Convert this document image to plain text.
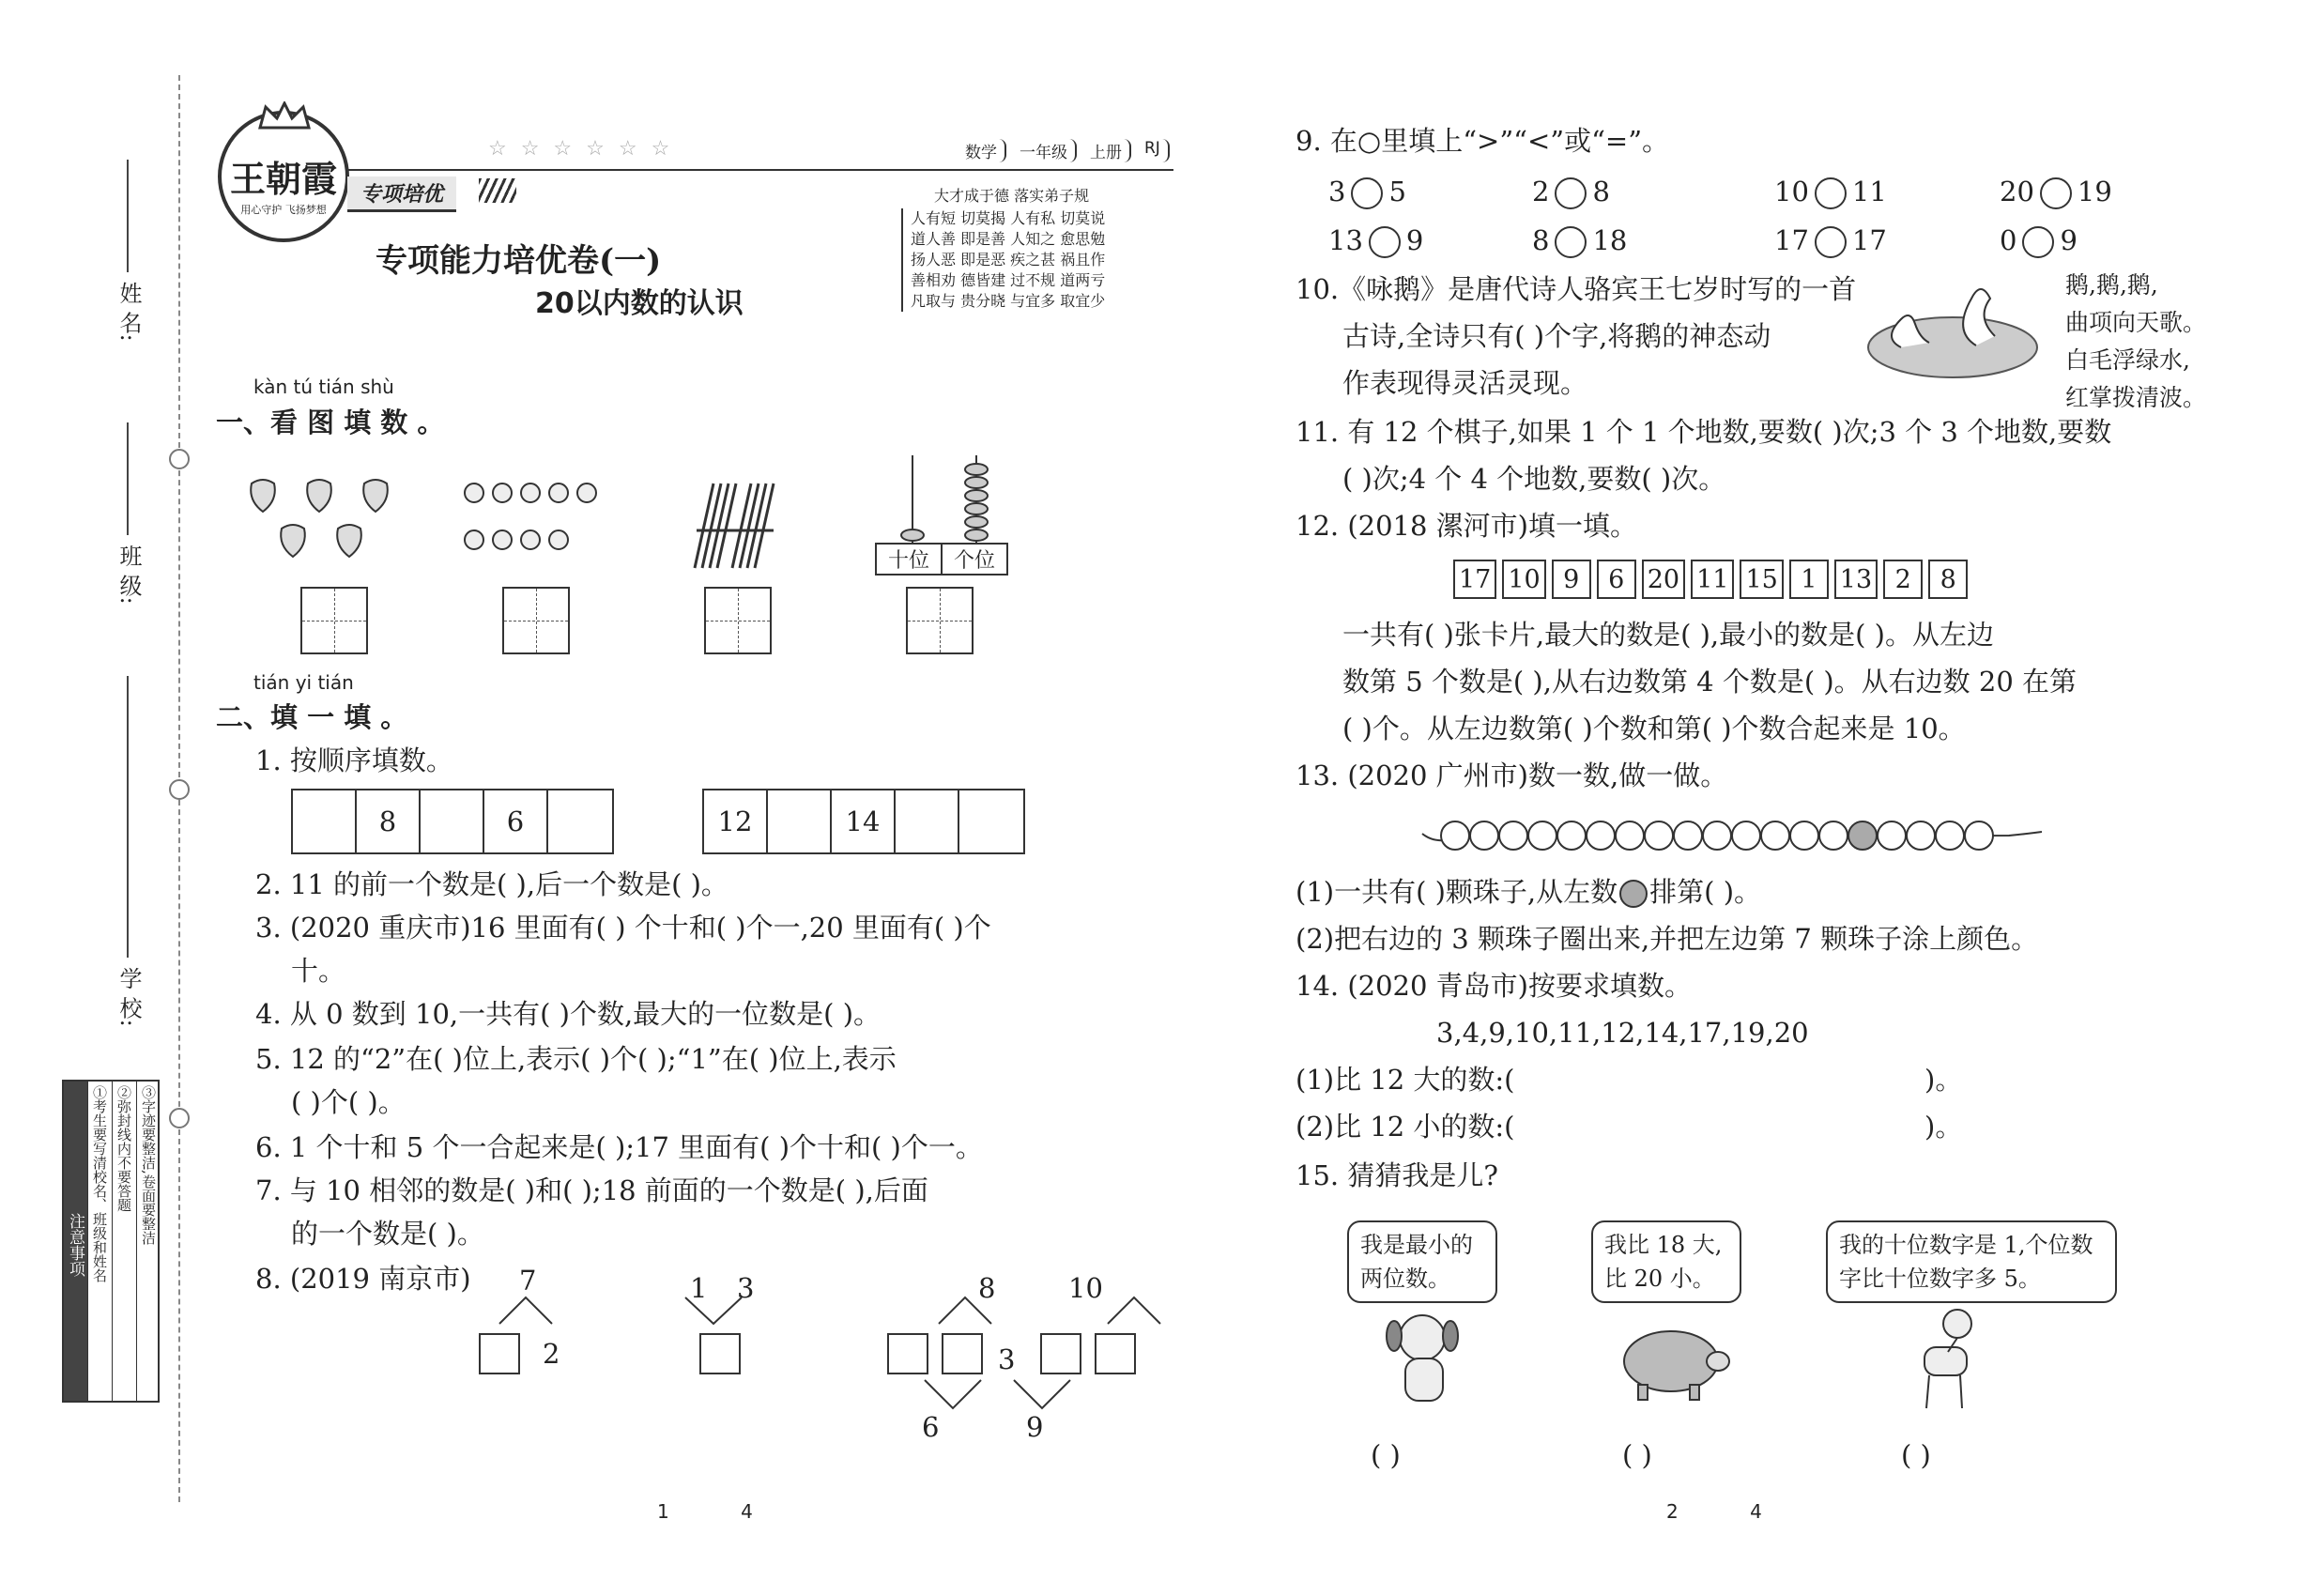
姓 名:
班 级:
学 校:
注意事项 ①考生要写清校名、班级和姓名 ②弥封线内不要答题 ③字迹要整洁,卷面要整洁
王朝霞
用心守护 飞扬梦想
☆ ☆ ☆ ☆ ☆ ☆	数学	一年级	上册	RJ
专项培优
专项能力培优卷(一)
20以内数的认识
大才成于德 落实弟子规
人有短 切莫揭 人有私 切莫说
道人善 即是善 人知之 愈思勉
扬人恶 即是恶 疾之甚 祸且作
善相劝 德皆建 过不规 道两亏
凡取与 贵分晓 与宜多 取宜少
kàn tú tián shù
一、看 图 填 数 。
十位	个位
tián yi tián
二、填 一 填 。
1. 按顺序填数。
8	6	12	14
2. 11 的前一个数是( ),后一个数是( )。
3. (2020 重庆市)16 里面有( ) 个十和( )个一,20 里面有( )个
十。
4. 从 0 数到 10,一共有( )个数,最大的一位数是( )。
5. 12 的“2”在( )位上,表示( )个( );“1”在( )位上,表示
( )个( )。
6. 1 个十和 5 个一合起来是( );17 里面有( )个十和( )个一。
7. 与 10 相邻的数是( )和( );18 前面的一个数是( ),后面
的一个数是( )。
8. (2019 南京市) 7
2
1 3	8
3
10
6	9
1	4
9. 在○里填上“>”“<”或“=”。
3 5	2 8	10 11	20 19
13 9	8 18	17 17	0 9
10.《咏鹅》是唐代诗人骆宾王七岁时写的一首
古诗,全诗只有( )个字,将鹅的神态动
作表现得灵活灵现。
鹅,鹅,鹅,
曲项向天歌。
白毛浮绿水,
红掌拨清波。
11. 有 12 个棋子,如果 1 个 1 个地数,要数( )次;3 个 3 个地数,要数
( )次;4 个 4 个地数,要数( )次。
12. (2018 漯河市)填一填。
17 10 9	6 20 11 15 1 13 2	8
一共有( )张卡片,最大的数是( ),最小的数是( )。从左边
数第 5 个数是( ),从右边数第 4 个数是( )。从右边数 20 在第
( )个。从左边数第( )个数和第( )个数合起来是 10。
13. (2020 广州市)数一数,做一做。
(1)一共有( )颗珠子,从左数 排第( )。
(2)把右边的 3 颗珠子圈出来,并把左边第 7 颗珠子涂上颜色。
14. (2020 青岛市)按要求填数。
3,4,9,10,11,12,14,17,19,20
(1)比 12 大的数:(	)。
(2)比 12 小的数:(	)。
15. 猜猜我是儿?
我是最小的两位数。
我比 18 大,比 20 小。
我的十位数字是 1,个位数字比十位数字多 5。
( )	( )	( )
2	4
